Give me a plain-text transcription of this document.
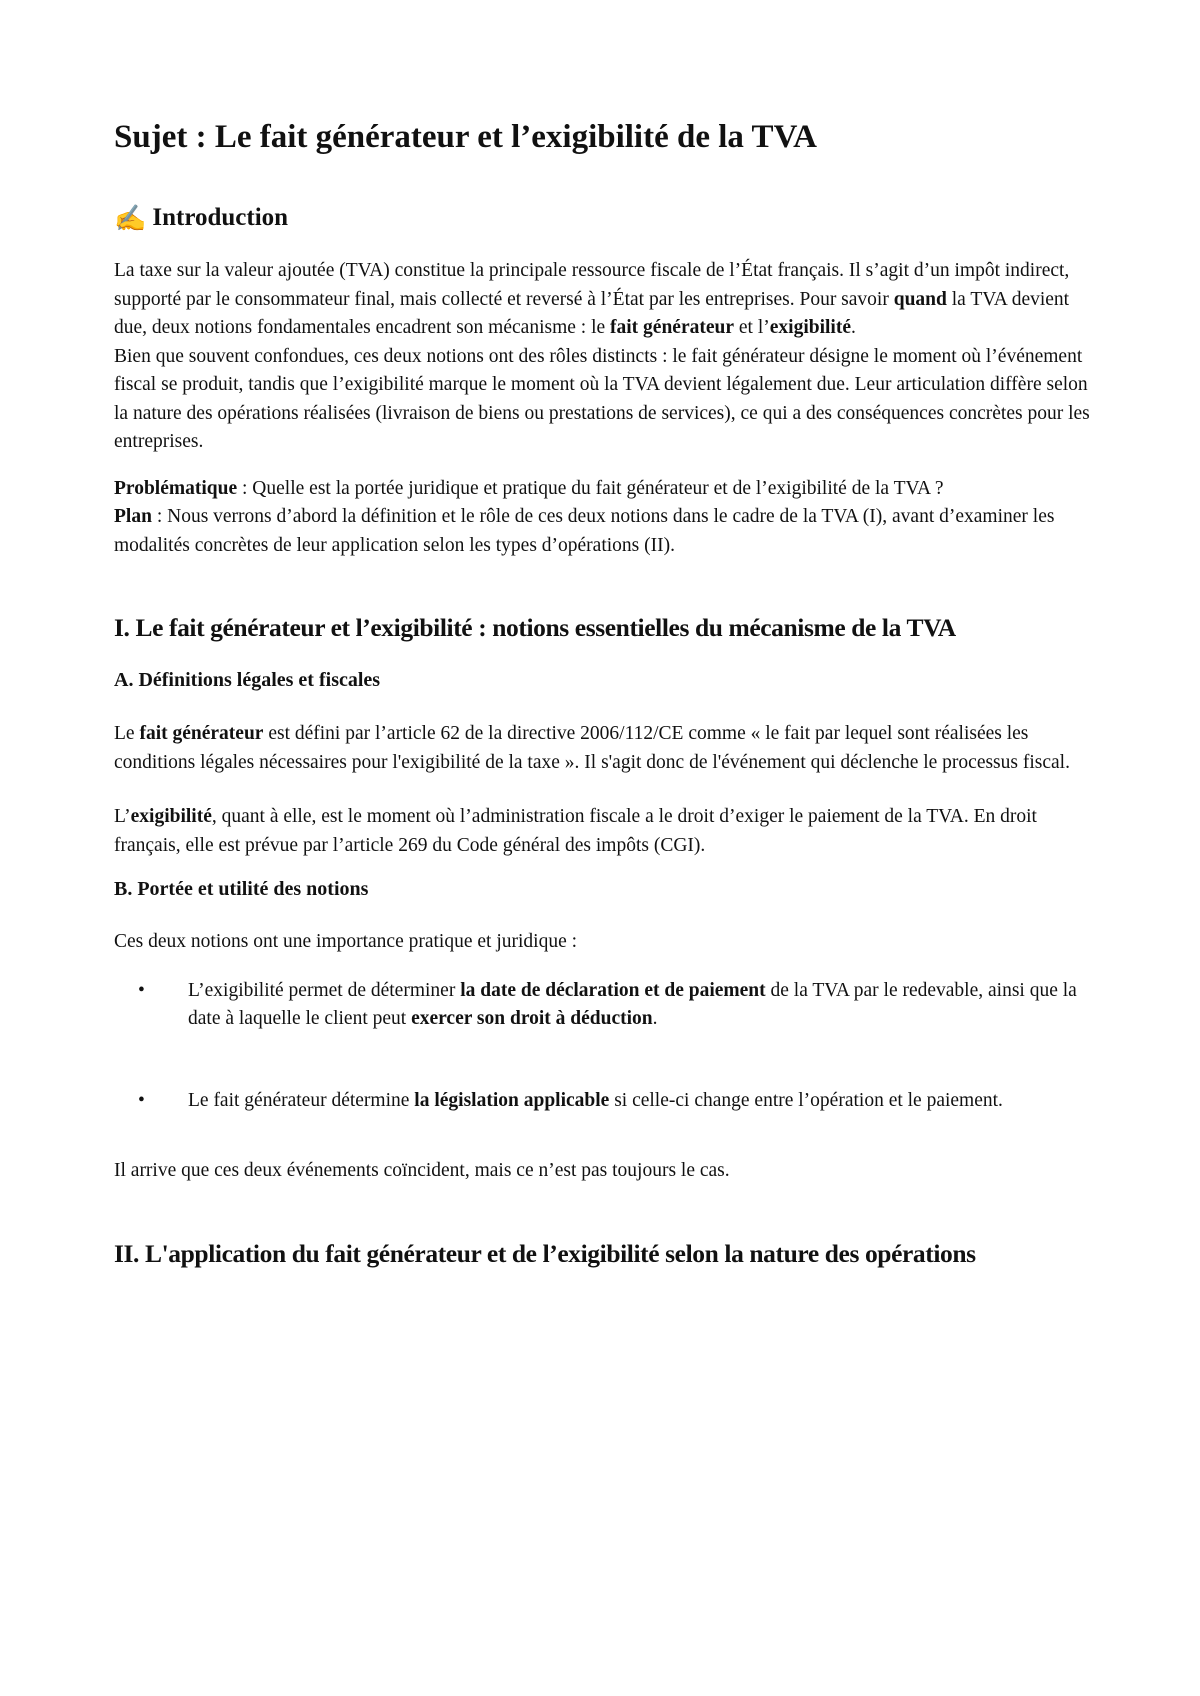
Sujet : Le fait générateur et l’exigibilité de la TVA
✍ Introduction

La taxe sur la valeur ajoutée (TVA) constitue la principale ressource fiscale de l’État français. Il s’agit d’un impôt indirect, supporté par le consommateur final, mais collecté et reversé à l’État par les entreprises. Pour savoir quand la TVA devient due, deux notions fondamentales encadrent son mécanisme : le fait générateur et l’exigibilité.

Bien que souvent confondues, ces deux notions ont des rôles distincts : le fait générateur désigne le moment où l’événement fiscal se produit, tandis que l’exigibilité marque le moment où la TVA devient légalement due. Leur articulation diffère selon la nature des opérations réalisées (livraison de biens ou prestations de services), ce qui a des conséquences concrètes pour les entreprises.

Problématique : Quelle est la portée juridique et pratique du fait générateur et de l’exigibilité de la TVA ?

Plan : Nous verrons d’abord la définition et le rôle de ces deux notions dans le cadre de la TVA (I), avant d’examiner les modalités concrètes de leur application selon les types d’opérations (II).

I. Le fait générateur et l’exigibilité : notions essentielles du mécanisme de la TVA
A. Définitions légales et fiscales

Le fait générateur est défini par l’article 62 de la directive 2006/112/CE comme « le fait par lequel sont réalisées les conditions légales nécessaires pour l'exigibilité de la taxe ». Il s'agit donc de l'événement qui déclenche le processus fiscal.

L’exigibilité, quant à elle, est le moment où l’administration fiscale a le droit d’exiger le paiement de la TVA. En droit français, elle est prévue par l’article 269 du Code général des impôts (CGI).

B. Portée et utilité des notions

Ces deux notions ont une importance pratique et juridique :

• L’exigibilité permet de déterminer la date de déclaration et de paiement de la TVA par le redevable, ainsi que la date à laquelle le client peut exercer son droit à déduction.
• Le fait générateur détermine la législation applicable si celle-ci change entre l’opération et le paiement.

Il arrive que ces deux événements coïncident, mais ce n’est pas toujours le cas.

II. L'application du fait générateur et de l’exigibilité selon la nature des opérations
